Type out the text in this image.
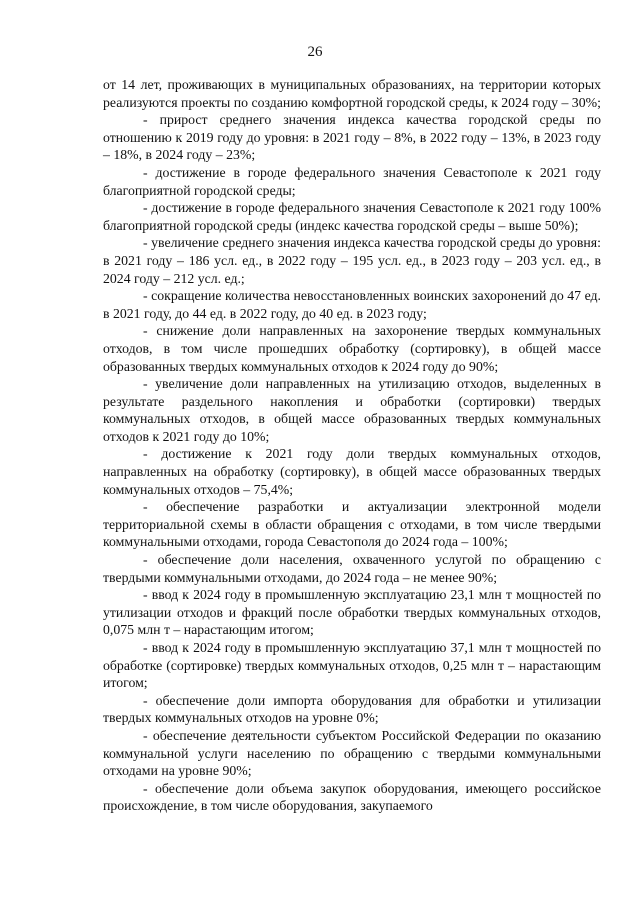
26

от 14 лет, проживающих в муниципальных образованиях, на территории которых реализуются проекты по созданию комфортной городской среды, к 2024 году – 30%;

- прирост среднего значения индекса качества городской среды по отношению к 2019 году до уровня: в 2021 году – 8%, в 2022 году – 13%, в 2023 году – 18%, в 2024 году – 23%;

- достижение в городе федерального значения Севастополе к 2021 году благоприятной городской среды;

- достижение в городе федерального значения Севастополе к 2021 году 100% благоприятной городской среды (индекс качества городской среды – выше 50%);

- увеличение среднего значения индекса качества городской среды до уровня: в 2021 году – 186 усл. ед., в 2022 году – 195 усл. ед., в 2023 году – 203 усл. ед., в 2024 году – 212 усл. ед.;

- сокращение количества невосстановленных воинских захоронений до 47 ед. в 2021 году, до 44 ед. в 2022 году, до 40 ед. в 2023 году;

- снижение доли направленных на захоронение твердых коммунальных отходов, в том числе прошедших обработку (сортировку), в общей массе образованных твердых коммунальных отходов к 2024 году до 90%;

- увеличение доли направленных на утилизацию отходов, выделенных в результате раздельного накопления и обработки (сортировки) твердых коммунальных отходов, в общей массе образованных твердых коммунальных отходов к 2021 году до 10%;

- достижение к 2021 году доли твердых коммунальных отходов, направленных на обработку (сортировку), в общей массе образованных твердых коммунальных отходов – 75,4%;

- обеспечение разработки и актуализации электронной модели территориальной схемы в области обращения с отходами, в том числе твердыми коммунальными отходами, города Севастополя до 2024 года – 100%;

- обеспечение доли населения, охваченного услугой по обращению с твердыми коммунальными отходами, до 2024 года – не менее 90%;

- ввод к 2024 году в промышленную эксплуатацию 23,1 млн т мощностей по утилизации отходов и фракций после обработки твердых коммунальных отходов, 0,075 млн т – нарастающим итогом;

- ввод к 2024 году в промышленную эксплуатацию 37,1 млн т мощностей по обработке (сортировке) твердых коммунальных отходов, 0,25 млн т – нарастающим итогом;

- обеспечение доли импорта оборудования для обработки и утилизации твердых коммунальных отходов на уровне 0%;

- обеспечение деятельности субъектом Российской Федерации по оказанию коммунальной услуги населению по обращению с твердыми коммунальными отходами на уровне 90%;

- обеспечение доли объема закупок оборудования, имеющего российское происхождение, в том числе оборудования, закупаемого
